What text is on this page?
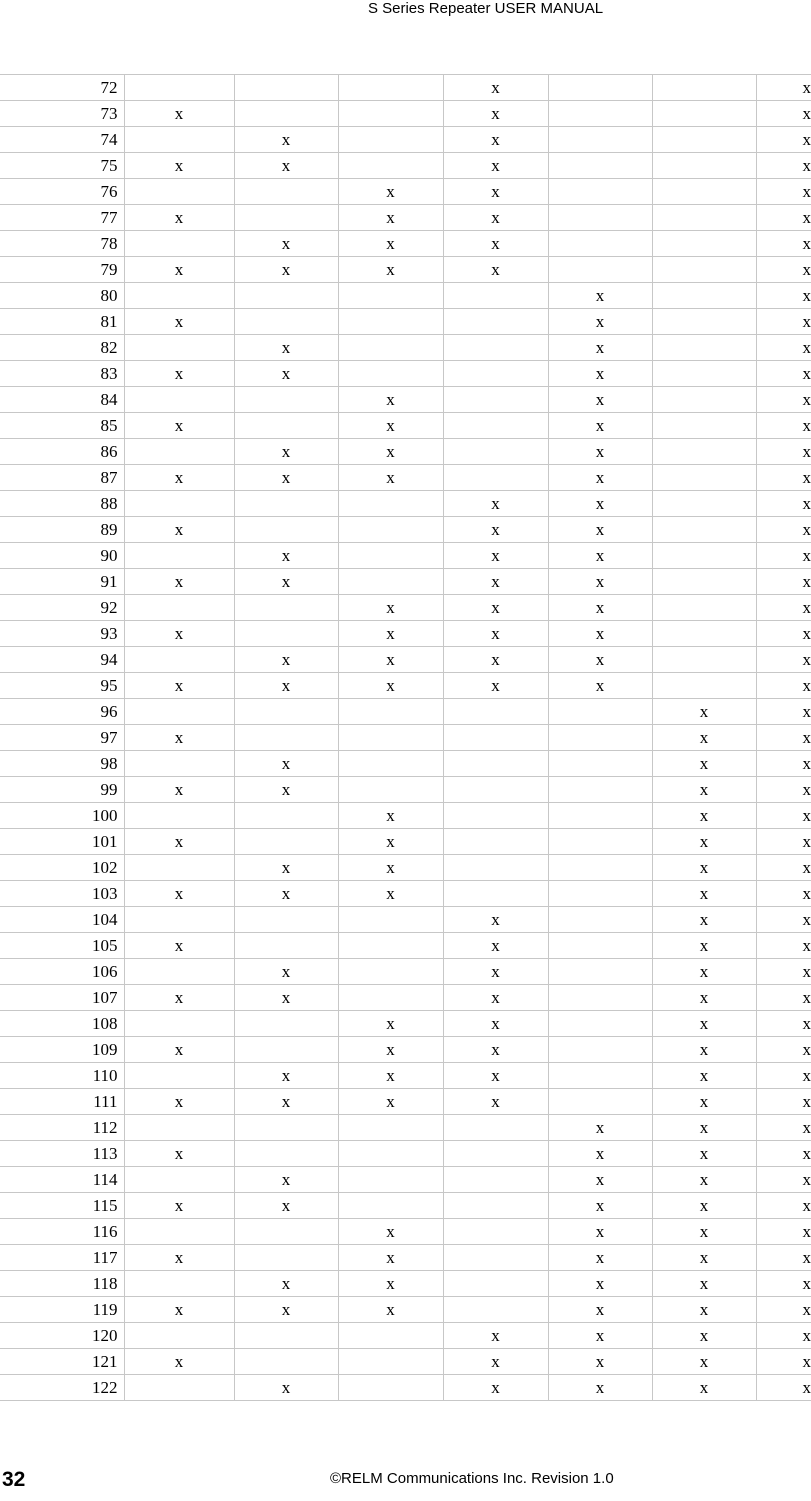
S Series Repeater USER MANUAL
72				x			x
73	x			x			x
74		x		x			x
75	x	x		x			x
76			x	x			x
77	x		x	x			x
78		x	x	x			x
79	x	x	x	x			x
80					x		x
81	x				x		x
82		x			x		x
83	x	x			x		x
84			x		x		x
85	x		x		x		x
86		x	x		x		x
87	x	x	x		x		x
88				x	x		x
89	x			x	x		x
90		x		x	x		x
91	x	x		x	x		x
92			x	x	x		x
93	x		x	x	x		x
94		x	x	x	x		x
95	x	x	x	x	x		x
96						x	x
97	x					x	x
98		x				x	x
99	x	x				x	x
100			x			x	x
101	x		x			x	x
102		x	x			x	x
103	x	x	x			x	x
104				x		x	x
105	x			x		x	x
106		x		x		x	x
107	x	x		x		x	x
108			x	x		x	x
109	x		x	x		x	x
110		x	x	x		x	x
111	x	x	x	x		x	x
112					x	x	x
113	x				x	x	x
114		x			x	x	x
115	x	x			x	x	x
116			x		x	x	x
117	x		x		x	x	x
118		x	x		x	x	x
119	x	x	x		x	x	x
120				x	x	x	x
121	x			x	x	x	x
122		x		x	x	x	x
32	©RELM Communications Inc. Revision 1.0
